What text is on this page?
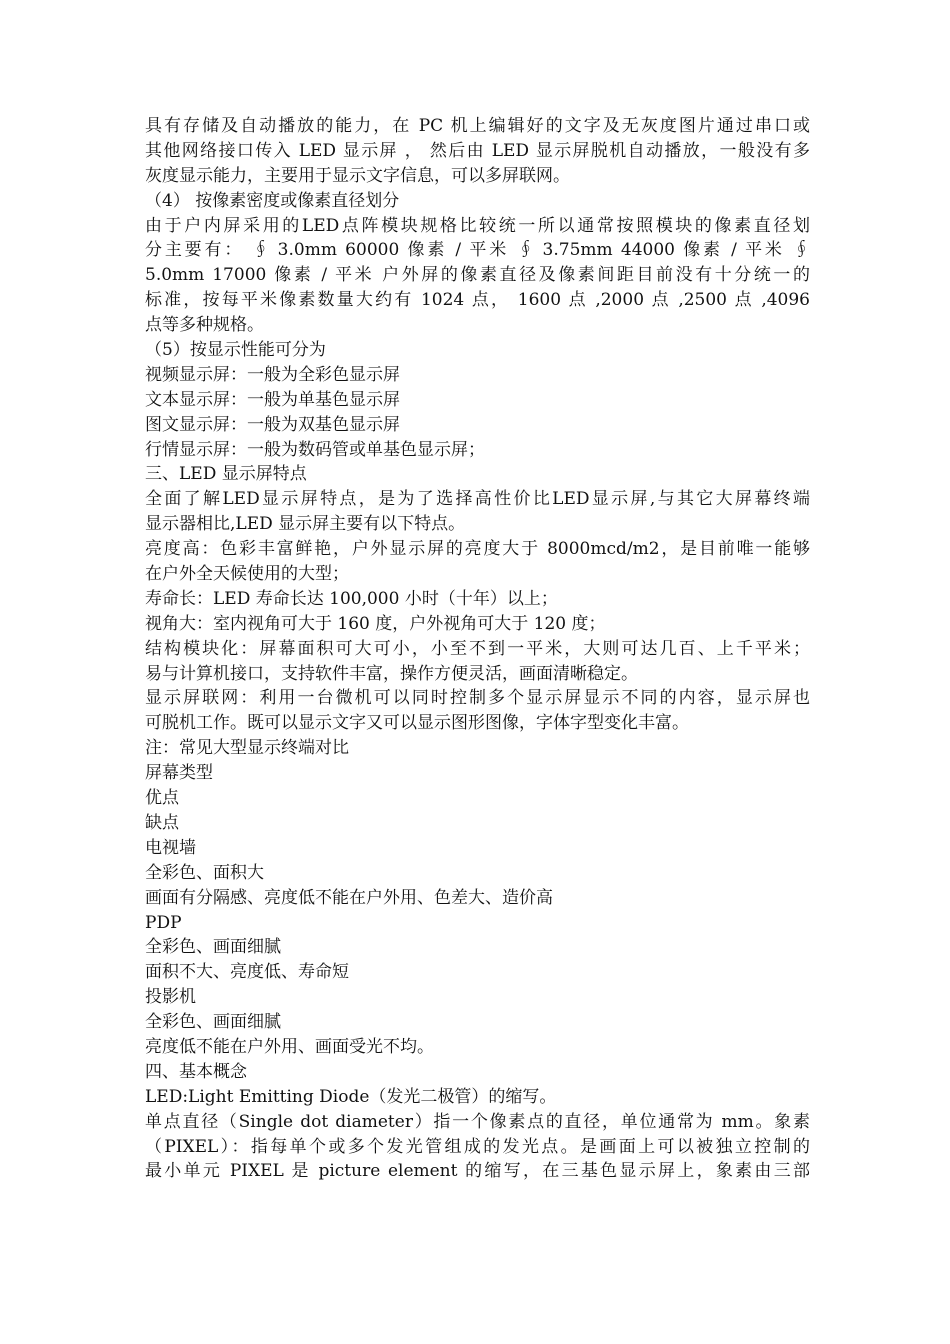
具有存储及自动播放的能力，在 PC 机上编辑好的文字及无灰度图片通过串口或
其他网络接口传入 LED 显示屏 ， 然后由 LED 显示屏脱机自动播放，一般没有多
灰度显示能力，主要用于显示文字信息，可以多屏联网。
（4） 按像素密度或像素直径划分
由于户内屏采用的LED点阵模块规格比较统一所以通常按照模块的像素直径划
分主要有： ∮ 3.0mm 60000 像素 / 平米 ∮ 3.75mm 44000 像素 / 平米 ∮
5.0mm 17000 像素 / 平米 户外屏的像素直径及像素间距目前没有十分统一的
标准，按每平米像素数量大约有 1024 点， 1600 点 ,2000 点 ,2500 点 ,4096
点等多种规格。
（5）按显示性能可分为
视频显示屏：一般为全彩色显示屏
文本显示屏：一般为单基色显示屏
图文显示屏：一般为双基色显示屏
行情显示屏：一般为数码管或单基色显示屏；
三、LED 显示屏特点
全面了解LED显示屏特点，是为了选择高性价比LED显示屏,与其它大屏幕终端
显示器相比,LED 显示屏主要有以下特点。
亮度高：色彩丰富鲜艳，户外显示屏的亮度大于 8000mcd/m2，是目前唯一能够
在户外全天候使用的大型；
寿命长：LED 寿命长达 100,000 小时（十年）以上；
视角大：室内视角可大于 160 度，户外视角可大于 120 度；
结构模块化：屏幕面积可大可小，小至不到一平米，大则可达几百、上千平米；
易与计算机接口，支持软件丰富，操作方便灵活，画面清晰稳定。
显示屏联网：利用一台微机可以同时控制多个显示屏显示不同的内容，显示屏也
可脱机工作。既可以显示文字又可以显示图形图像，字体字型变化丰富。
注：常见大型显示终端对比
屏幕类型
优点
缺点
电视墙
全彩色、面积大
画面有分隔感、亮度低不能在户外用、色差大、造价高
PDP
全彩色、画面细腻
面积不大、亮度低、寿命短
投影机
全彩色、画面细腻
亮度低不能在户外用、画面受光不均。
四、基本概念
LED:Light Emitting Diode（发光二极管）的缩写。
单点直径（Single dot diameter）指一个像素点的直径，单位通常为 mm。象素
（PIXEL）：指每单个或多个发光管组成的发光点。是画面上可以被独立控制的
最小单元 PIXEL 是 picture element 的缩写，在三基色显示屏上，象素由三部
